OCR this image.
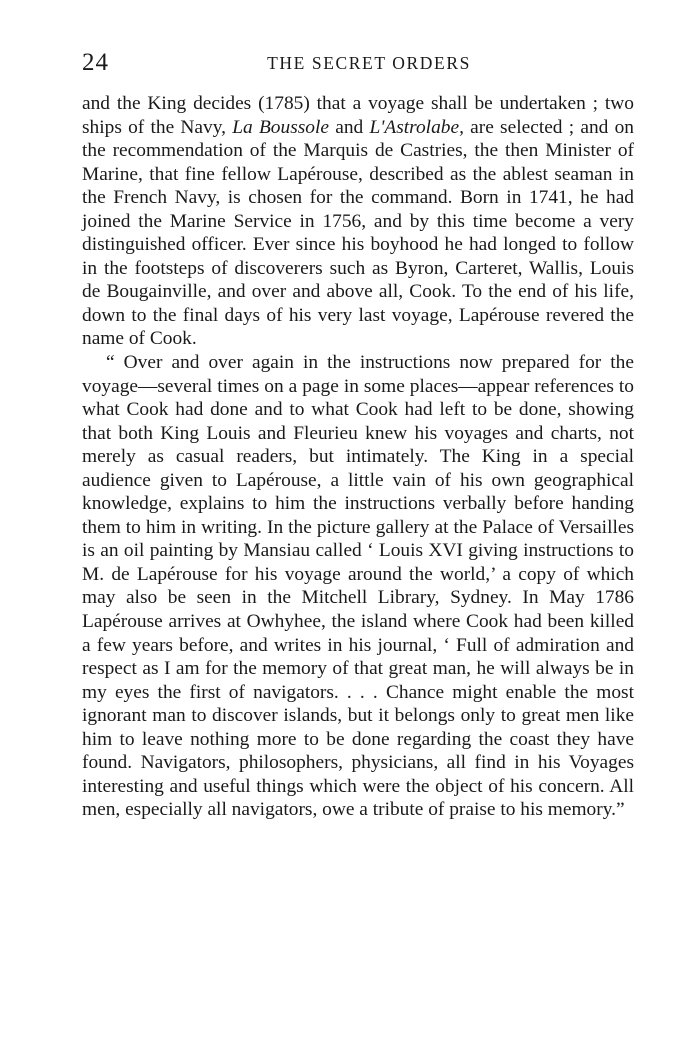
24	THE SECRET ORDERS

and the King decides (1785) that a voyage shall be undertaken ; two ships of the Navy, La Boussole and L'Astrolabe, are selected ; and on the recommendation of the Marquis de Castries, the then Minister of Marine, that fine fellow Lapérouse, described as the ablest seaman in the French Navy, is chosen for the command. Born in 1741, he had joined the Marine Service in 1756, and by this time become a very distinguished officer. Ever since his boyhood he had longed to follow in the footsteps of discoverers such as Byron, Carteret, Wallis, Louis de Bougainville, and over and above all, Cook. To the end of his life, down to the final days of his very last voyage, Lapérouse revered the name of Cook.

“ Over and over again in the instructions now prepared for the voyage—several times on a page in some places—appear references to what Cook had done and to what Cook had left to be done, showing that both King Louis and Fleurieu knew his voyages and charts, not merely as casual readers, but intimately. The King in a special audience given to Lapérouse, a little vain of his own geographical knowledge, explains to him the instructions verbally before handing them to him in writing. In the picture gallery at the Palace of Versailles is an oil painting by Mansiau called ‘ Louis XVI giving instructions to M. de Lapérouse for his voyage around the world,’ a copy of which may also be seen in the Mitchell Library, Sydney. In May 1786 Lapérouse arrives at Owhyhee, the island where Cook had been killed a few years before, and writes in his journal, ‘ Full of admiration and respect as I am for the memory of that great man, he will always be in my eyes the first of navigators. . . . Chance might enable the most ignorant man to discover islands, but it belongs only to great men like him to leave nothing more to be done regarding the coast they have found. Navigators, philosophers, physicians, all find in his Voyages interesting and useful things which were the object of his concern. All men, especially all navigators, owe a tribute of praise to his memory.”
